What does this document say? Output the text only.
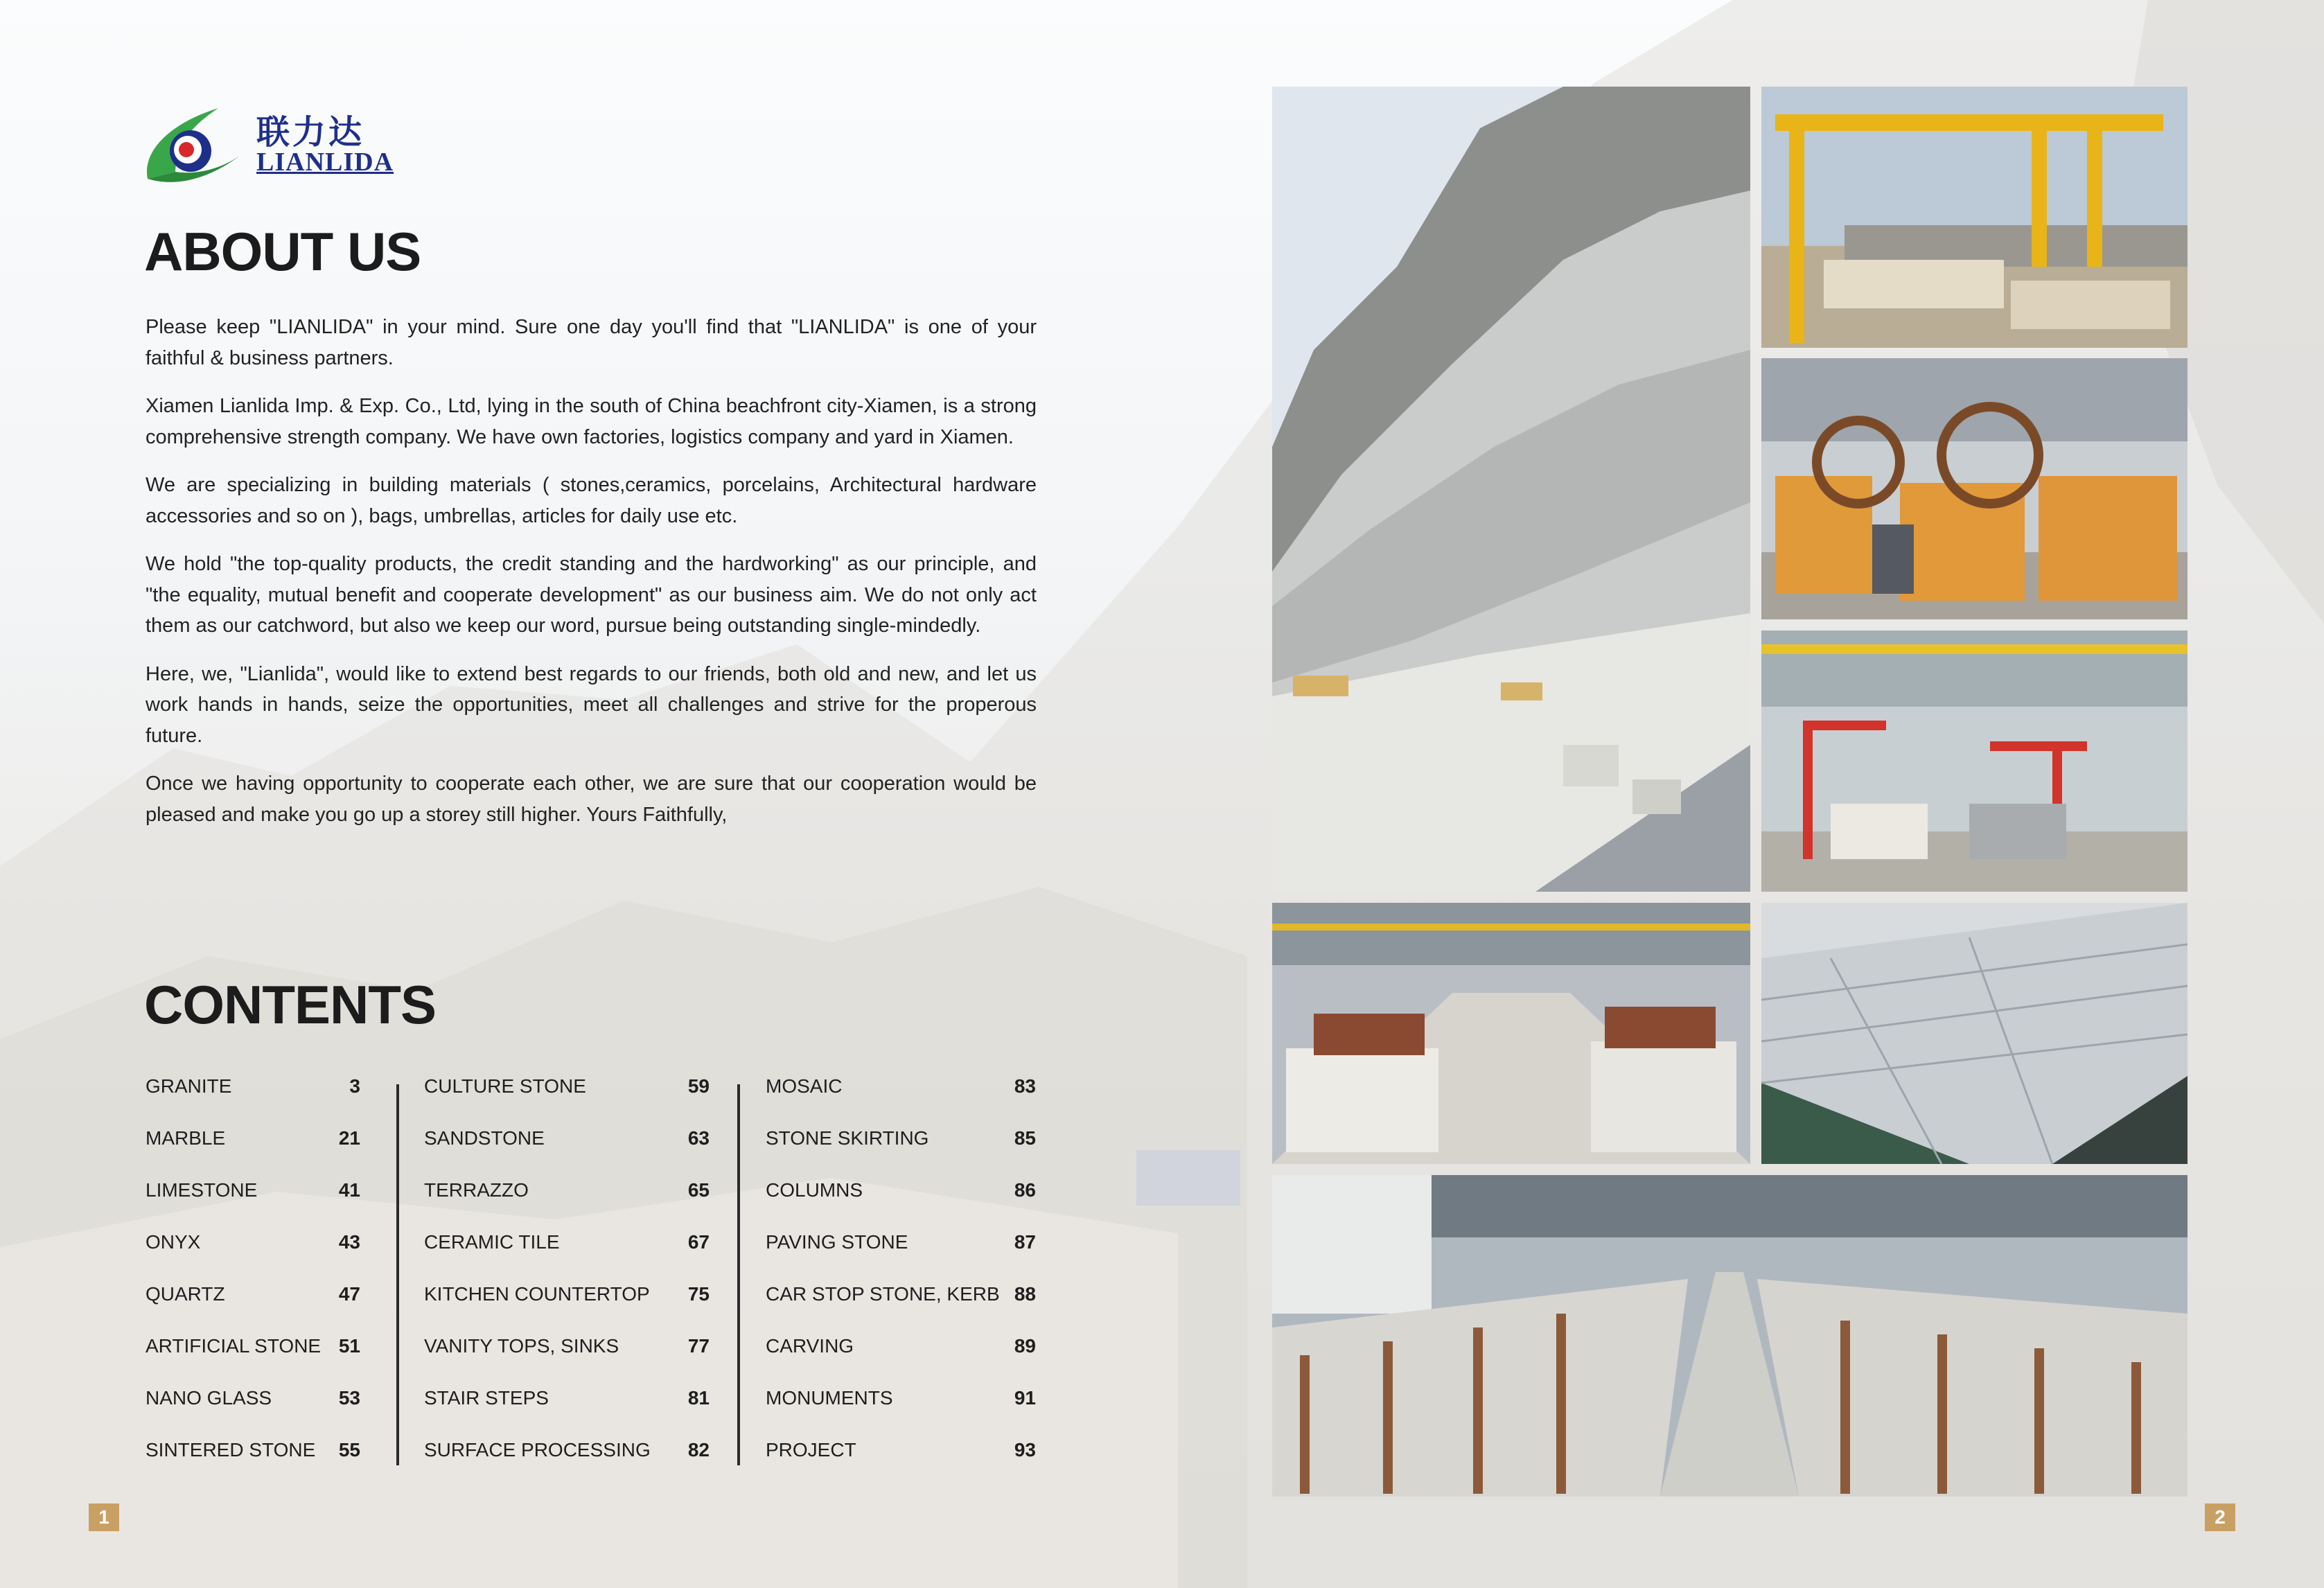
联力达
LIANLIDA
ABOUT US

Please keep "LIANLIDA" in your mind. Sure one day you'll find that "LIANLIDA" is one of your faithful & business partners.

Xiamen Lianlida Imp. & Exp. Co., Ltd, lying in the south of China beachfront city-Xiamen, is a strong comprehensive strength company. We have own factories, logistics company and yard in Xiamen.

We are specializing in building materials ( stones,ceramics, porcelains, Architectural hardware accessories and so on ), bags, umbrellas, articles for daily use etc.

We hold "the top-quality products, the credit standing and the hardworking" as our principle, and "the equality, mutual benefit and cooperate development" as our business aim. We do not only act them as our catchword, but also we keep our word, pursue being outstanding single-mindedly.

Here, we, "Lianlida", would like to extend best regards to our friends, both old and new, and let us work hands in hands, seize the opportunities, meet all challenges and strive for the properous future.

Once we having opportunity to cooperate each other, we are sure that our cooperation would be pleased and make you go up a storey still higher. Yours Faithfully,

CONTENTS
GRANITE	3
MARBLE	21
LIMESTONE	41
ONYX	43
QUARTZ	47
ARTIFICIAL STONE 51
NANO GLASS	53
SINTERED STONE 55
CULTURE STONE	59
SANDSTONE	63
TERRAZZO	65
CERAMIC TILE	67
KITCHEN COUNTERTOP 75
VANITY TOPS, SINKS	77
STAIR STEPS	81
SURFACE PROCESSING 82
MOSAIC	83
STONE SKIRTING	85
COLUMNS	86
PAVING STONE	87
CAR STOP STONE, KERB 88
CARVING	89
MONUMENTS	91
PROJECT	93
1	2
